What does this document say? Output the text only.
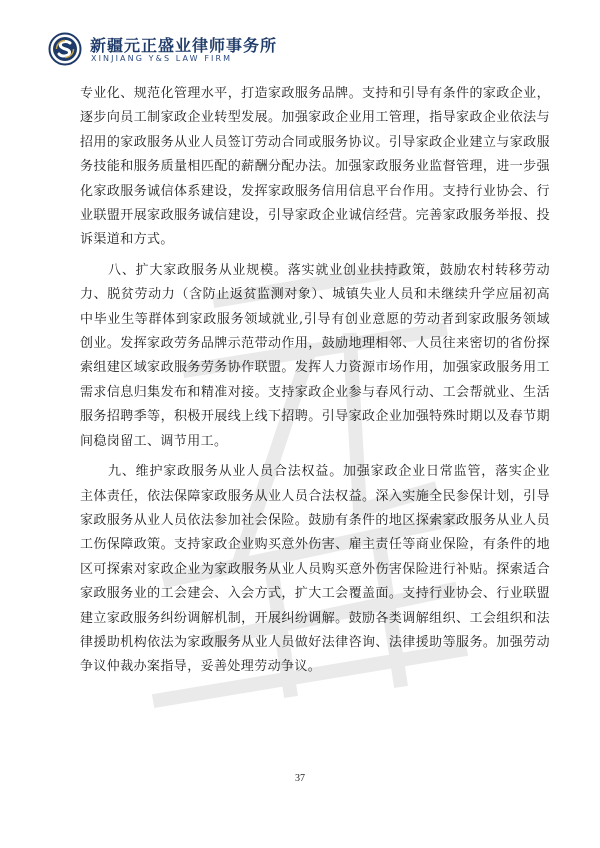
新疆元正盛业律师事务所
XINJIANG Y&S LAW FIRM

专业化、规范化管理水平，打造家政服务品牌。支持和引导有条件的家政企业，逐步向员工制家政企业转型发展。加强家政企业用工管理，指导家政企业依法与招用的家政服务从业人员签订劳动合同或服务协议。引导家政企业建立与家政服务技能和服务质量相匹配的薪酬分配办法。加强家政服务业监督管理，进一步强化家政服务诚信体系建设，发挥家政服务信用信息平台作用。支持行业协会、行业联盟开展家政服务诚信建设，引导家政企业诚信经营。完善家政服务举报、投诉渠道和方式。

八、扩大家政服务从业规模。落实就业创业扶持政策，鼓励农村转移劳动力、脱贫劳动力（含防止返贫监测对象）、城镇失业人员和未继续升学应届初高中毕业生等群体到家政服务领域就业,引导有创业意愿的劳动者到家政服务领域创业。发挥家政劳务品牌示范带动作用，鼓励地理相邻、人员往来密切的省份探索组建区域家政服务劳务协作联盟。发挥人力资源市场作用，加强家政服务用工需求信息归集发布和精准对接。支持家政企业参与春风行动、工会帮就业、生活服务招聘季等，积极开展线上线下招聘。引导家政企业加强特殊时期以及春节期间稳岗留工、调节用工。

九、维护家政服务从业人员合法权益。加强家政企业日常监管，落实企业主体责任，依法保障家政服务从业人员合法权益。深入实施全民参保计划，引导家政服务从业人员依法参加社会保险。鼓励有条件的地区探索家政服务从业人员工伤保障政策。支持家政企业购买意外伤害、雇主责任等商业保险，有条件的地区可探索对家政企业为家政服务从业人员购买意外伤害保险进行补贴。探索适合家政服务业的工会建会、入会方式，扩大工会覆盖面。支持行业协会、行业联盟建立家政服务纠纷调解机制，开展纠纷调解。鼓励各类调解组织、工会组织和法律援助机构依法为家政服务从业人员做好法律咨询、法律援助等服务。加强劳动争议仲裁办案指导，妥善处理劳动争议。

37
